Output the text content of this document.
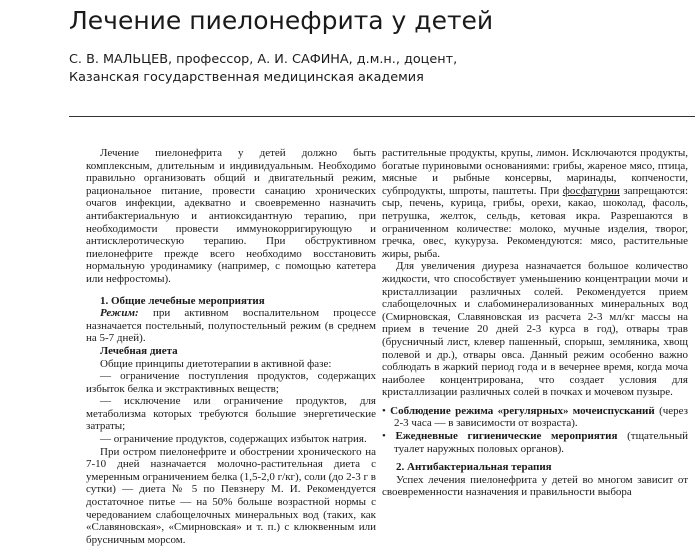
Лечение пиелонефрита у детей
С. В. МАЛЬЦЕВ, профессор, А. И. САФИНА, д.м.н., доцент,
Казанская государственная медицинская академия

Лечение пиелонефрита у детей должно быть комплексным, длительным и индивидуальным. Необходимо правильно организовать общий и двигательный режим, рациональное питание, провести санацию хронических очагов инфекции, адекватно и своевременно назначить антибактериальную и антиоксидантную терапию, при необходимости провести иммунокорригирующую и антисклеротическую терапию. При обструктивном пиелонефрите прежде всего необходимо восстановить нормальную уродинамику (например, с помощью катетера или нефростомы).

1. Общие лечебные мероприятия

Режим: при активном воспалительном процессе назначается постельный, полупостельный режим (в среднем на 5-7 дней).

Лечебная диета

Общие принципы диетотерапии в активной фазе:

— ограничение поступления продуктов, содержащих избыток белка и экстрактивных веществ;

— исключение или ограничение продуктов, для метаболизма которых требуются большие энергетические затраты;

— ограничение продуктов, содержащих избыток натрия.

При остром пиелонефрите и обострении хронического на 7-10 дней назначается молочно-растительная диета с умеренным ограничением белка (1,5-2,0 г/кг), соли (до 2-3 г в сутки) — диета № 5 по Певзнеру М. И. Рекомендуется достаточное питье — на 50% больше возрастной нормы с чередованием слабощелочных минеральных вод (таких, как «Славяновская», «Смирновская» и т. п.) с клюквенным или брусничным морсом.

растительные продукты, крупы, лимон. Исключаются продукты, богатые пуриновыми основаниями: грибы, жареное мясо, птица, мясные и рыбные консервы, маринады, копчености, субпродукты, шпроты, паштеты. При фосфатурии запрещаются: сыр, печень, курица, грибы, орехи, какао, шоколад, фасоль, петрушка, желток, сельдь, кетовая икра. Разрешаются в ограниченном количестве: молоко, мучные изделия, творог, гречка, овес, кукуруза. Рекомендуются: мясо, растительные жиры, рыба.

Для увеличения диуреза назначается большое количество жидкости, что способствует уменьшению концентрации мочи и кристаллизации различных солей. Рекомендуется прием слабощелочных и слабоминерализованных минеральных вод (Смирновская, Славяновская из расчета 2-3 мл/кг массы на прием в течение 20 дней 2-3 курса в год), отвары трав (брусничный лист, клевер пашенный, спорыш, земляника, хвощ полевой и др.), отвары овса. Данный режим особенно важно соблюдать в жаркий период года и в вечернее время, когда моча наиболее концентрирована, что создает условия для кристаллизации различных солей в почках и мочевом пузыре.

• Соблюдение режима «регулярных» мочеиспусканий (через 2-3 часа — в зависимости от возраста).

• Ежедневные гигиенические мероприятия (тщательный туалет наружных половых органов).

2. Антибактериальная терапия

Успех лечения пиелонефрита у детей во многом зависит от своевременности назначения и правильности выбора
